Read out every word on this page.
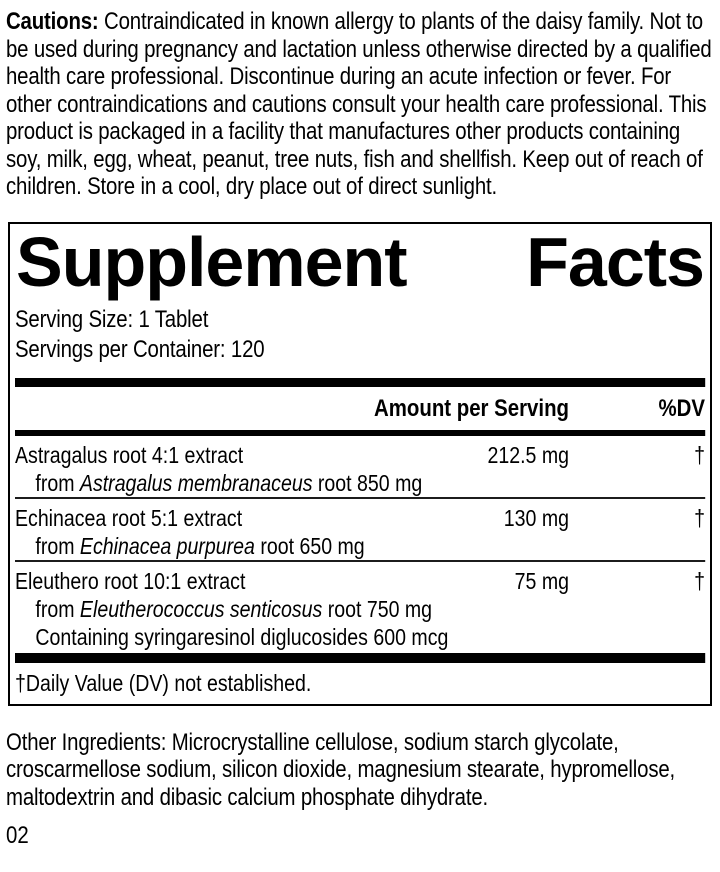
Cautions: Contraindicated in known allergy to plants of the daisy family. Not to be used during pregnancy and lactation unless otherwise directed by a qualified health care professional. Discontinue during an acute infection or fever. For other contraindications and cautions consult your health care professional. This product is packaged in a facility that manufactures other products containing soy, milk, egg, wheat, peanut, tree nuts, fish and shellfish. Keep out of reach of children. Store in a cool, dry place out of direct sunlight.

Supplement Facts
Serving Size: 1 Tablet
Servings per Container: 120
Amount per Serving	%DV
Astragalus root 4:1 extract	212.5 mg	†
from Astragalus membranaceus root 850 mg
Echinacea root 5:1 extract	130 mg	†
from Echinacea purpurea root 650 mg
Eleuthero root 10:1 extract	75 mg	†
from Eleutherococcus senticosus root 750 mg
Containing syringaresinol diglucosides 600 mcg
†Daily Value (DV) not established.

Other Ingredients: Microcrystalline cellulose, sodium starch glycolate, croscarmellose sodium, silicon dioxide, magnesium stearate, hypromellose, maltodextrin and dibasic calcium phosphate dihydrate.

02
